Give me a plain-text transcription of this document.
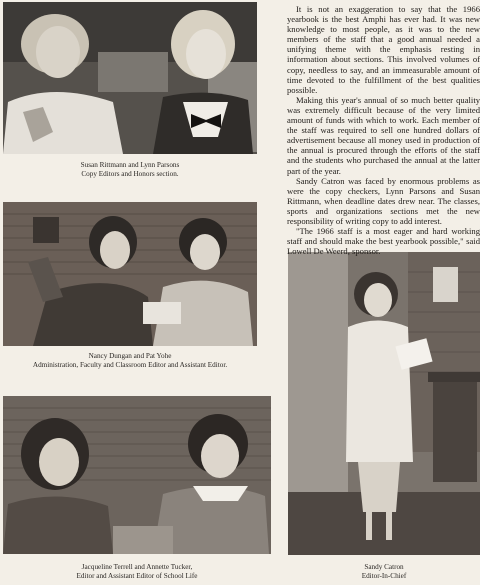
Susan Rittmann and Lynn Parsons
Copy Editors and Honors section.
Nancy Dungan and Pat Yohe
Administration, Faculty and Classroom Editor and Assistant Editor.
Jacqueline Terrell and Annette Tucker,
Editor and Assistant Editor of School Life
Sandy Catron
Editor-In-Chief

It is not an exaggeration to say that the 1966 yearbook is the best Amphi has ever had. It was new knowledge to most people, as it was to the new members of the staff that a good annual needed a unifying theme with the emphasis resting in information about sections. This involved volumes of copy, needless to say, and an immeasurable amount of time devoted to the fulfillment of the best qualities possible.

Making this year's annual of so much better quality was extremely difficult because of the very limited amount of funds with which to work. Each member of the staff was required to sell one hundred dollars of advertisement because all money used in production of the annual is procured through the efforts of the staff and the students who purchased the annual at the latter part of the year.

Sandy Catron was faced by enormous problems as were the copy checkers, Lynn Parsons and Susan Rittmann, when deadline dates drew near. The classes, sports and organizations sections met the new responsibility of writing copy to add interest.

"The 1966 staff is a most eager and hard working staff and should make the best yearbook possible," said Lowell De Weerd, sponsor.
